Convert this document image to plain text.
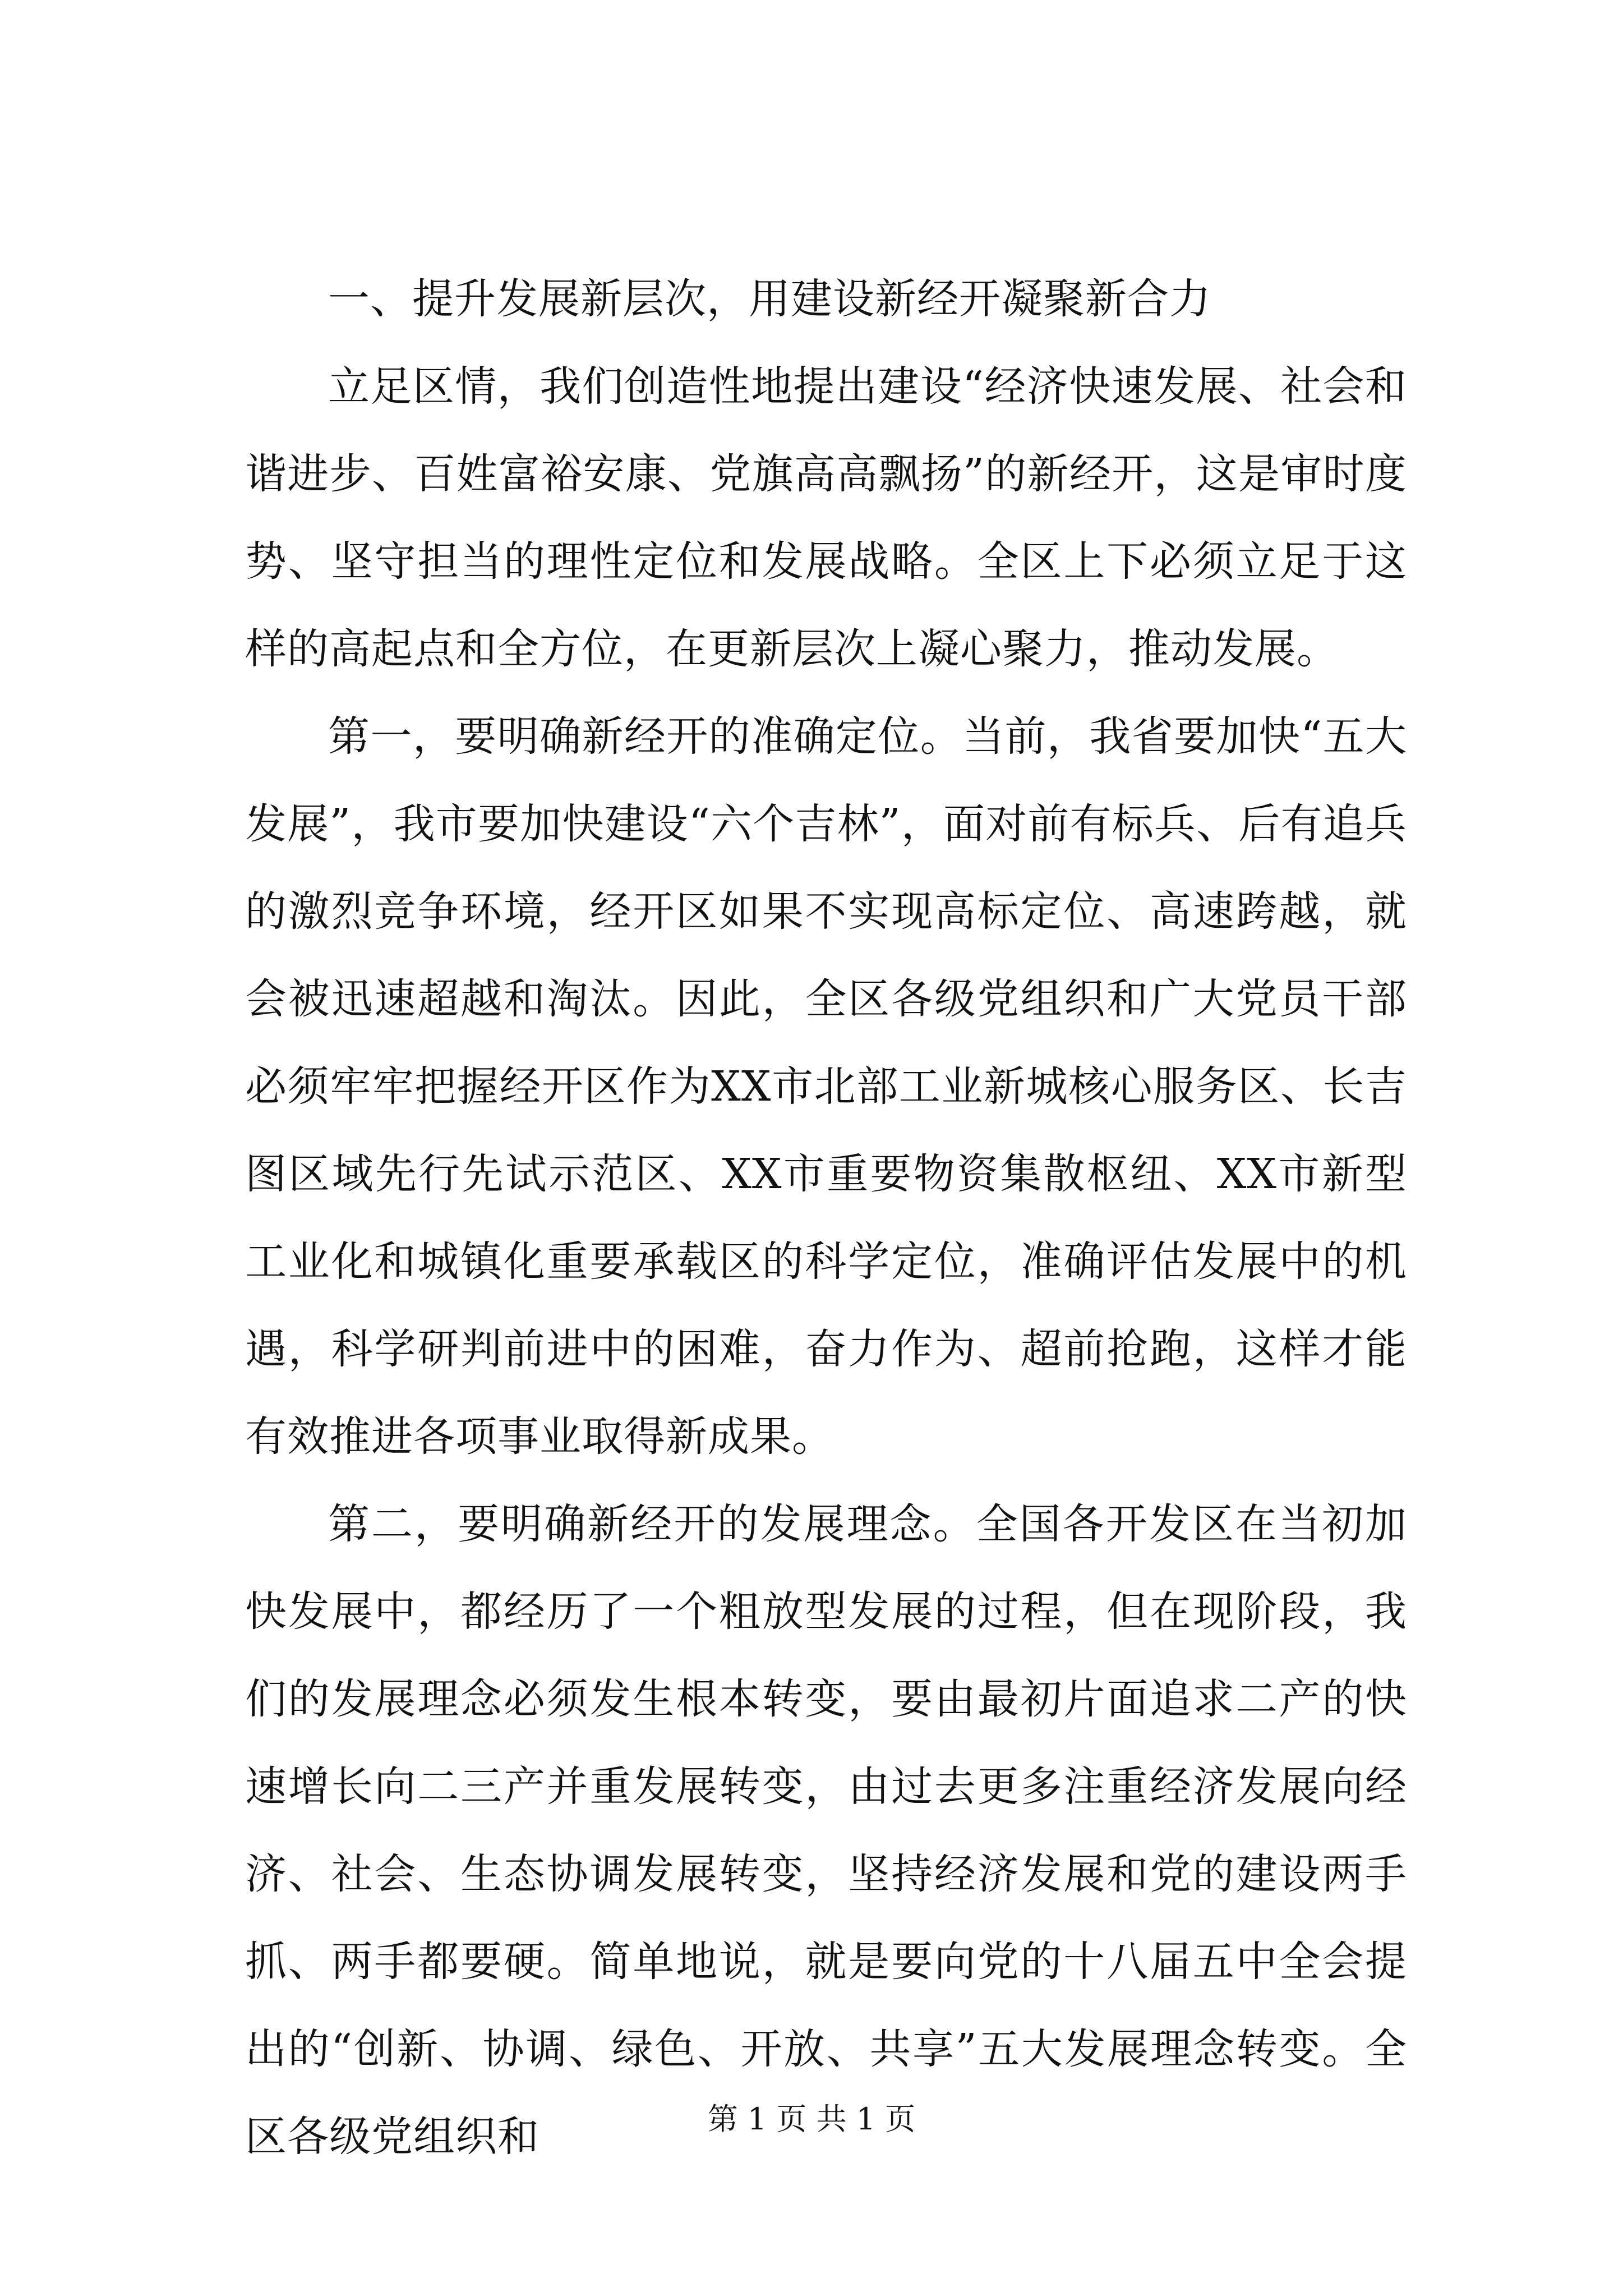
一、提升发展新层次，用建设新经开凝聚新合力

立足区情，我们创造性地提出建设“经济快速发展、社会和谐进步、百姓富裕安康、党旗高高飘扬”的新经开，这是审时度势、坚守担当的理性定位和发展战略。全区上下必须立足于这样的高起点和全方位，在更新层次上凝心聚力，推动发展。

第一，要明确新经开的准确定位。当前，我省要加快“五大发展”，我市要加快建设“六个吉林”，面对前有标兵、后有追兵的激烈竞争环境，经开区如果不实现高标定位、高速跨越，就会被迅速超越和淘汰。因此，全区各级党组织和广大党员干部必须牢牢把握经开区作为XX市北部工业新城核心服务区、长吉图区域先行先试示范区、XX市重要物资集散枢纽、XX市新型工业化和城镇化重要承载区的科学定位，准确评估发展中的机遇，科学研判前进中的困难，奋力作为、超前抢跑，这样才能有效推进各项事业取得新成果。

第二，要明确新经开的发展理念。全国各开发区在当初加快发展中，都经历了一个粗放型发展的过程，但在现阶段，我们的发展理念必须发生根本转变，要由最初片面追求二产的快速增长向二三产并重发展转变，由过去更多注重经济发展向经济、社会、生态协调发展转变，坚持经济发展和党的建设两手抓、两手都要硬。简单地说，就是要向党的十八届五中全会提出的“创新、协调、绿色、开放、共享”五大发展理念转变。全区各级党组织和	第 1 页 共 1 页
